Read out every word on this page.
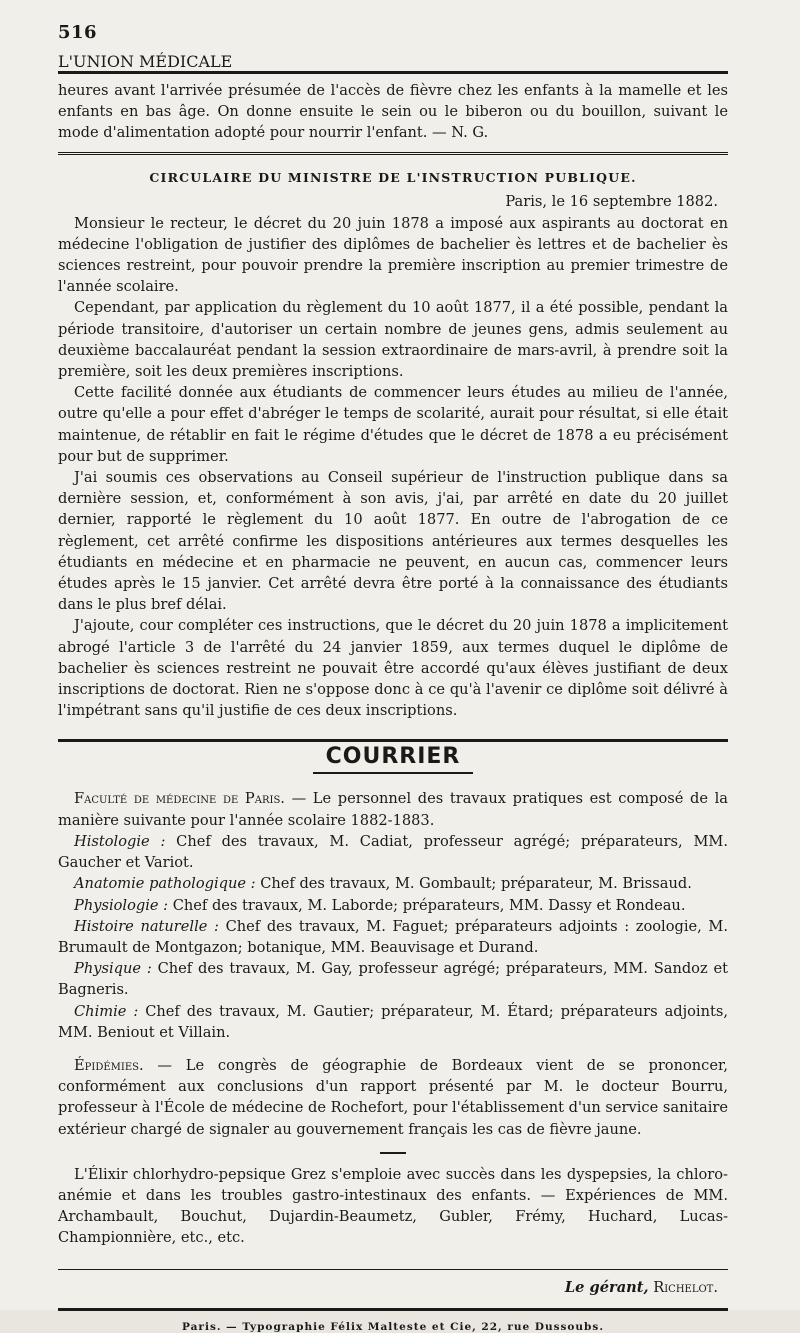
516
L'UNION MÉDICALE

heures avant l'arrivée présumée de l'accès de fièvre chez les enfants à la mamelle et les enfants en bas âge. On donne ensuite le sein ou le biberon ou du bouillon, suivant le mode d'alimentation adopté pour nourrir l'enfant. — N. G.

CIRCULAIRE DU MINISTRE DE L'INSTRUCTION PUBLIQUE.
Paris, le 16 septembre 1882.

Monsieur le recteur, le décret du 20 juin 1878 a imposé aux aspirants au doctorat en médecine l'obligation de justifier des diplômes de bachelier ès lettres et de bachelier ès sciences restreint, pour pouvoir prendre la première inscription au premier trimestre de l'année scolaire.

Cependant, par application du règlement du 10 août 1877, il a été possible, pendant la période transitoire, d'autoriser un certain nombre de jeunes gens, admis seulement au deuxième baccalauréat pendant la session extraordinaire de mars-avril, à prendre soit la première, soit les deux premières inscriptions.

Cette facilité donnée aux étudiants de commencer leurs études au milieu de l'année, outre qu'elle a pour effet d'abréger le temps de scolarité, aurait pour résultat, si elle était maintenue, de rétablir en fait le régime d'études que le décret de 1878 a eu précisément pour but de supprimer.

J'ai soumis ces observations au Conseil supérieur de l'instruction publique dans sa dernière session, et, conformément à son avis, j'ai, par arrêté en date du 20 juillet dernier, rapporté le règlement du 10 août 1877. En outre de l'abrogation de ce règlement, cet arrêté confirme les dispositions antérieures aux termes desquelles les étudiants en médecine et en pharmacie ne peuvent, en aucun cas, commencer leurs études après le 15 janvier. Cet arrêté devra être porté à la connaissance des étudiants dans le plus bref délai.

J'ajoute, cour compléter ces instructions, que le décret du 20 juin 1878 a implicitement abrogé l'article 3 de l'arrêté du 24 janvier 1859, aux termes duquel le diplôme de bachelier ès sciences restreint ne pouvait être accordé qu'aux élèves justifiant de deux inscriptions de doctorat. Rien ne s'oppose donc à ce qu'à l'avenir ce diplôme soit délivré à l'impétrant sans qu'il justifie de ces deux inscriptions.

COURRIER

Faculté de médecine de Paris. — Le personnel des travaux pratiques est composé de la manière suivante pour l'année scolaire 1882-1883.

Histologie : Chef des travaux, M. Cadiat, professeur agrégé; préparateurs, MM. Gaucher et Variot.

Anatomie pathologique : Chef des travaux, M. Gombault; préparateur, M. Brissaud.

Physiologie : Chef des travaux, M. Laborde; préparateurs, MM. Dassy et Rondeau.

Histoire naturelle : Chef des travaux, M. Faguet; préparateurs adjoints : zoologie, M. Brumault de Montgazon; botanique, MM. Beauvisage et Durand.

Physique : Chef des travaux, M. Gay, professeur agrégé; préparateurs, MM. Sandoz et Bagneris.

Chimie : Chef des travaux, M. Gautier; préparateur, M. Étard; préparateurs adjoints, MM. Beniout et Villain.

Épidémies. — Le congrès de géographie de Bordeaux vient de se prononcer, conformément aux conclusions d'un rapport présenté par M. le docteur Bourru, professeur à l'École de médecine de Rochefort, pour l'établissement d'un service sanitaire extérieur chargé de signaler au gouvernement français les cas de fièvre jaune.

L'Élixir chlorhydro-pepsique Grez s'emploie avec succès dans les dyspepsies, la chloro-anémie et dans les troubles gastro-intestinaux des enfants. — Expériences de MM. Archambault, Bouchut, Dujardin-Beaumetz, Gubler, Frémy, Huchard, Lucas-Championnière, etc., etc.

Le gérant, Richelot.
Paris. — Typographie Félix Malteste et Cie, 22, rue Dussoubs.
